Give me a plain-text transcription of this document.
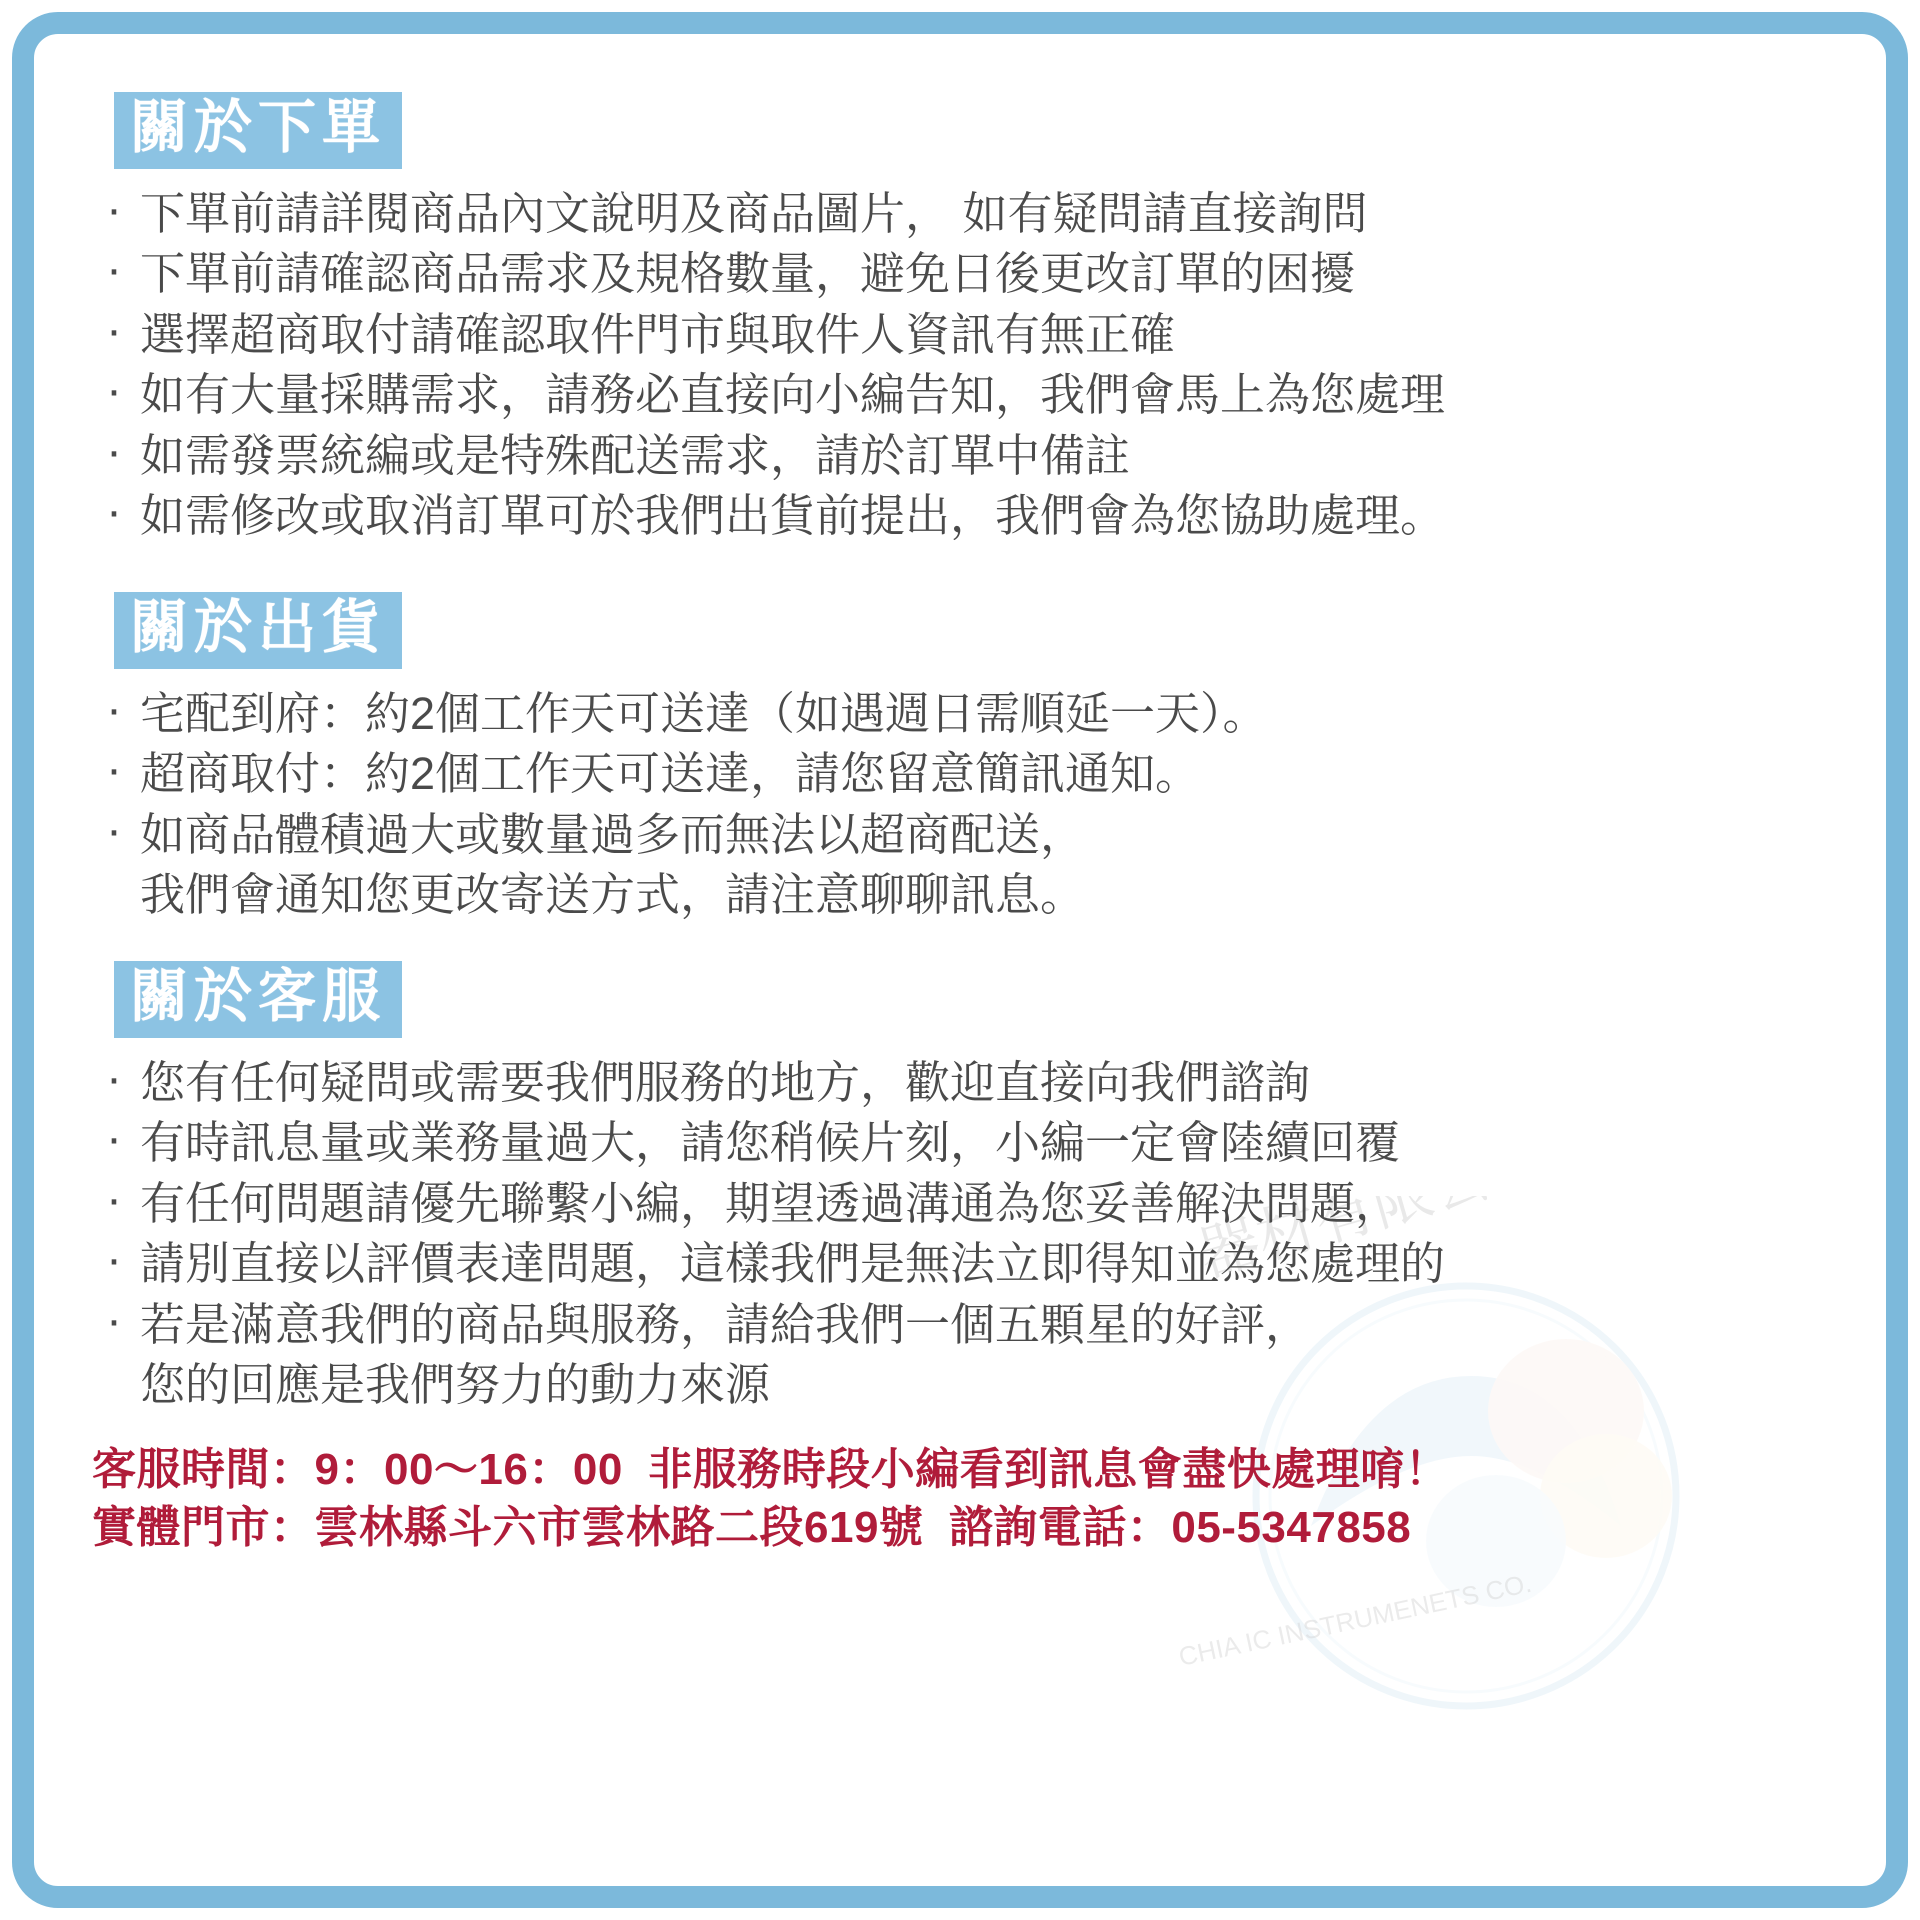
器材有限公司
CHIA IC INSTRUMENETS CO.
關於下單
· 下單前請詳閱商品內文說明及商品圖片， 如有疑問請直接詢問
· 下單前請確認商品需求及規格數量，避免日後更改訂單的困擾
· 選擇超商取付請確認取件門市與取件人資訊有無正確
· 如有大量採購需求，請務必直接向小編告知，我們會馬上為您處理
· 如需發票統編或是特殊配送需求，請於訂單中備註
· 如需修改或取消訂單可於我們出貨前提出，我們會為您協助處理。
關於出貨
· 宅配到府：約2個工作天可送達（如遇週日需順延一天）。
· 超商取付：約2個工作天可送達，請您留意簡訊通知。
· 如商品體積過大或數量過多而無法以超商配送，
我們會通知您更改寄送方式，請注意聊聊訊息。
關於客服
· 您有任何疑問或需要我們服務的地方，歡迎直接向我們諮詢
· 有時訊息量或業務量過大，請您稍候片刻，小編一定會陸續回覆
· 有任何問題請優先聯繫小編，期望透過溝通為您妥善解決問題，
· 請別直接以評價表達問題，這樣我們是無法立即得知並為您處理的
· 若是滿意我們的商品與服務，請給我們一個五顆星的好評，
您的回應是我們努力的動力來源
客服時間：9：00〜16：00  非服務時段小編看到訊息會盡快處理唷！
實體門市：雲林縣斗六市雲林路二段619號  諮詢電話：05-5347858
